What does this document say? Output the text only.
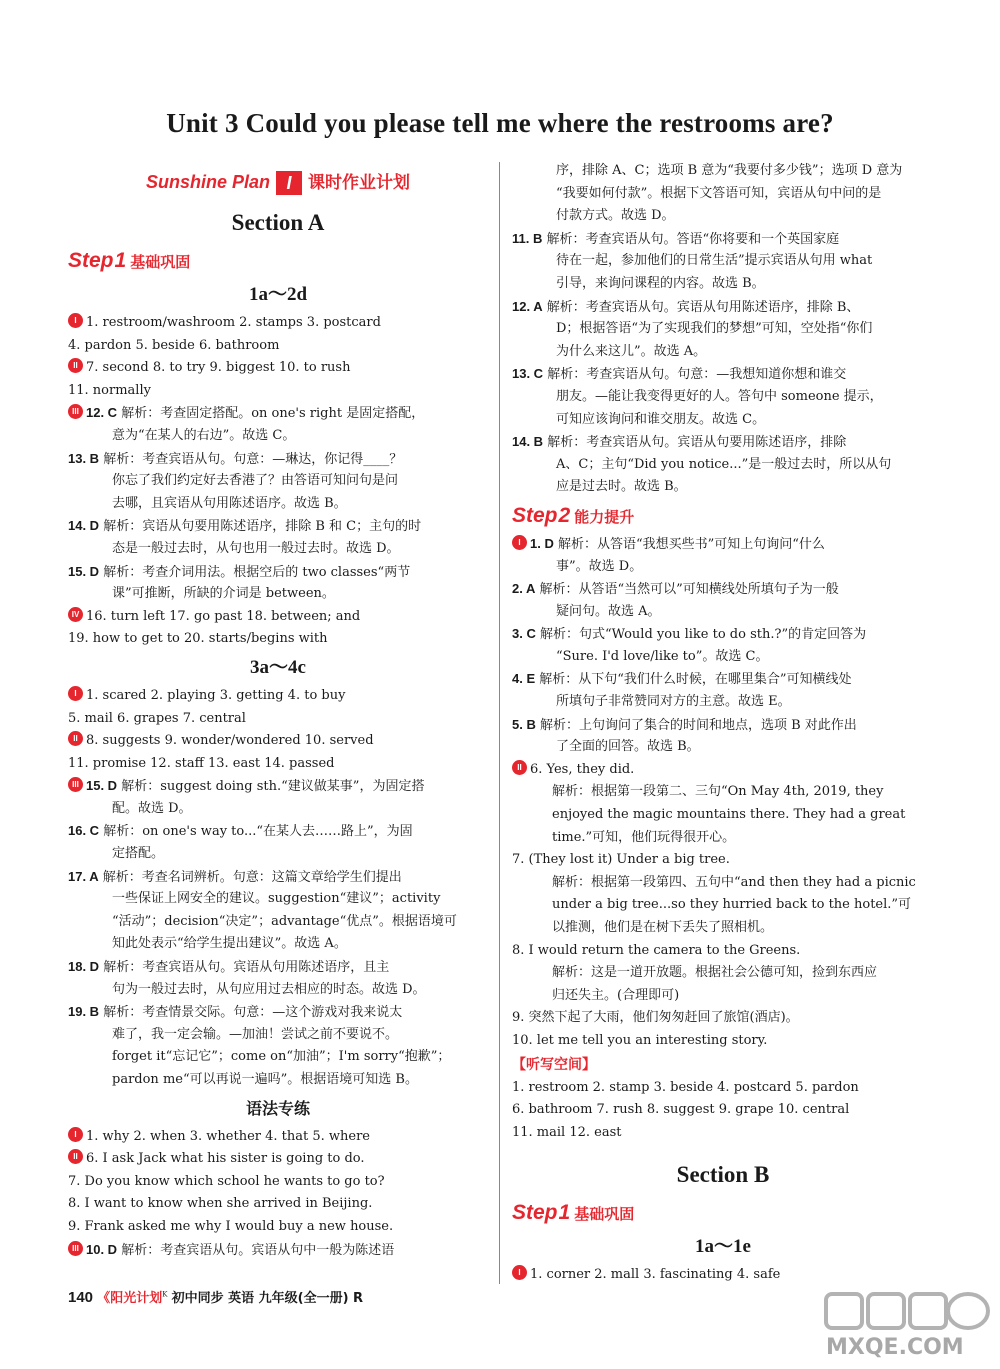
Unit 3 Could you please tell me where the restrooms are?
Sunshine Plan I 课时作业计划
Section A
Step1 基础巩固
1a～2d
I 1. restroom/washroom 2. stamps 3. postcard
4. pardon 5. beside 6. bathroom
II 7. second 8. to try 9. biggest 10. to rush
11. normally
III 12. C 解析：考查固定搭配。on one's right 是固定搭配，
意为“在某人的右边”。故选 C。
13. B 解析：考查宾语从句。句意：—琳达，你记得____？
你忘了我们约定好去香港了？由答语可知问句是问
去哪，且宾语从句用陈述语序。故选 B。
14. D 解析：宾语从句要用陈述语序，排除 B 和 C；主句的时
态是一般过去时，从句也用一般过去时。故选 D。
15. D 解析：考查介词用法。根据空后的 two classes“两节
课”可推断，所缺的介词是 between。
IV 16. turn left 17. go past 18. between; and
19. how to get to 20. starts/begins with
3a～4c
I 1. scared 2. playing 3. getting 4. to buy
5. mail 6. grapes 7. central
II 8. suggests 9. wonder/wondered 10. served
11. promise 12. staff 13. east 14. passed
III 15. D 解析：suggest doing sth.“建议做某事”，为固定搭
配。故选 D。
16. C 解析：on one's way to...“在某人去……路上”，为固
定搭配。
17. A 解析：考查名词辨析。句意：这篇文章给学生们提出
一些保证上网安全的建议。suggestion“建议”；activity
“活动”；decision“决定”；advantage“优点”。根据语境可
知此处表示“给学生提出建议”。故选 A。
18. D 解析：考查宾语从句。宾语从句用陈述语序，且主
句为一般过去时，从句应用过去相应的时态。故选 D。
19. B 解析：考查情景交际。句意：—这个游戏对我来说太
难了，我一定会输。—加油！尝试之前不要说不。
forget it“忘记它”；come on“加油”；I'm sorry“抱歉”；
pardon me“可以再说一遍吗”。根据语境可知选 B。
语法专练
I 1. why 2. when 3. whether 4. that 5. where
II 6. I ask Jack what his sister is going to do.
7. Do you know which school he wants to go to?
8. I want to know when she arrived in Beijing.
9. Frank asked me why I would buy a new house.
III 10. D 解析：考查宾语从句。宾语从句中一般为陈述语
序，排除 A、C；选项 B 意为“我要付多少钱”；选项 D 意为
“我要如何付款”。根据下文答语可知，宾语从句中问的是
付款方式。故选 D。
11. B 解析：考查宾语从句。答语“你将要和一个英国家庭
待在一起，参加他们的日常生活”提示宾语从句用 what
引导，来询问课程的内容。故选 B。
12. A 解析：考查宾语从句。宾语从句用陈述语序，排除 B、
D；根据答语“为了实现我们的梦想”可知，空处指“你们
为什么来这儿”。故选 A。
13. C 解析：考查宾语从句。句意：—我想知道你想和谁交
朋友。—能让我变得更好的人。答句中 someone 提示，
可知应该询问和谁交朋友。故选 C。
14. B 解析：考查宾语从句。宾语从句要用陈述语序，排除
A、C；主句“Did you notice...”是一般过去时，所以从句
应是过去时。故选 B。
Step2 能力提升
I 1. D 解析：从答语“我想买些书”可知上句询问“什么
事”。故选 D。
2. A 解析：从答语“当然可以”可知横线处所填句子为一般
疑问句。故选 A。
3. C 解析：句式“Would you like to do sth.?”的肯定回答为
“Sure. I'd love/like to”。故选 C。
4. E 解析：从下句“我们什么时候，在哪里集合”可知横线处
所填句子非常赞同对方的主意。故选 E。
5. B 解析：上句询问了集合的时间和地点，选项 B 对此作出
了全面的回答。故选 B。
II 6. Yes, they did.
解析：根据第一段第二、三句“On May 4th, 2019, they
enjoyed the magic mountains there. They had a great
time.”可知，他们玩得很开心。
7. (They lost it) Under a big tree.
解析：根据第一段第四、五句中“and then they had a picnic
under a big tree...so they hurried back to the hotel.”可
以推测，他们是在树下丢失了照相机。
8. I would return the camera to the Greens.
解析：这是一道开放题。根据社会公德可知，捡到东西应
归还失主。(合理即可)
9. 突然下起了大雨，他们匆匆赶回了旅馆(酒店)。
10. let me tell you an interesting story.
【听写空间】
1. restroom 2. stamp 3. beside 4. postcard 5. pardon
6. bathroom 7. rush 8. suggest 9. grape 10. central
11. mail 12. east
Section B
Step1 基础巩固
1a～1e
I 1. corner 2. mall 3. fascinating 4. safe
140 《阳光计划$^K$ 初中同步 英语 九年级(全一册) R
MXQE.COM
